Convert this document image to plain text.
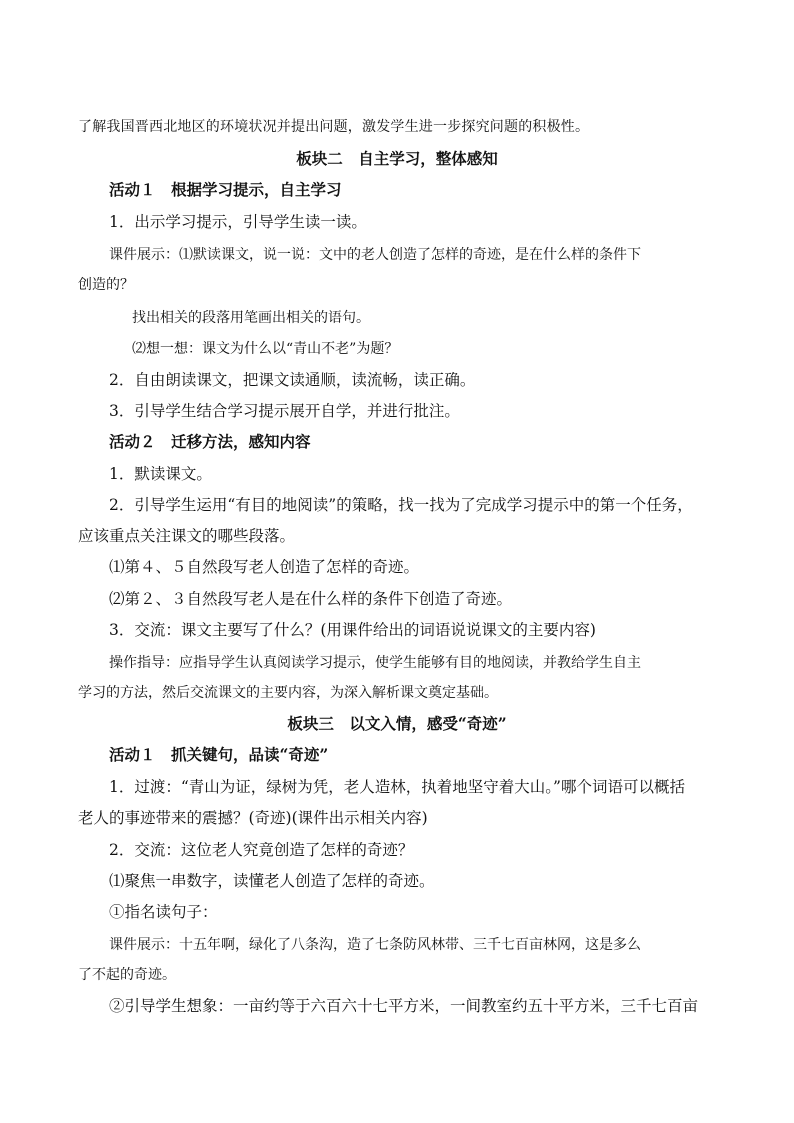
了解我国晋西北地区的环境状况并提出问题，激发学生进一步探究问题的积极性。
板块二　自主学习，整体感知
活动１　根据学习提示，自主学习
1．出示学习提示，引导学生读一读。
课件展示：⑴默读课文，说一说：文中的老人创造了怎样的奇迹，是在什么样的条件下
创造的？
找出相关的段落用笔画出相关的语句。
⑵想一想：课文为什么以“青山不老”为题？
2．自由朗读课文，把课文读通顺，读流畅，读正确。
3．引导学生结合学习提示展开自学，并进行批注。
活动２　迁移方法，感知内容
1．默读课文。
2．引导学生运用“有目的地阅读”的策略，找一找为了完成学习提示中的第一个任务，
应该重点关注课文的哪些段落。
⑴第４、５自然段写老人创造了怎样的奇迹。
⑵第２、３自然段写老人是在什么样的条件下创造了奇迹。
3．交流：课文主要写了什么？(用课件给出的词语说说课文的主要内容)
操作指导：应指导学生认真阅读学习提示，使学生能够有目的地阅读，并教给学生自主
学习的方法，然后交流课文的主要内容，为深入解析课文奠定基础。
板块三　以文入情，感受“奇迹”
活动１　抓关键句，品读“奇迹”
1．过渡：“青山为证，绿树为凭，老人造林，执着地坚守着大山。”哪个词语可以概括
老人的事迹带来的震撼？(奇迹)(课件出示相关内容)
2．交流：这位老人究竟创造了怎样的奇迹？
⑴聚焦一串数字，读懂老人创造了怎样的奇迹。
①指名读句子：
课件展示：十五年啊，绿化了八条沟，造了七条防风林带、三千七百亩林网，这是多么
了不起的奇迹。
②引导学生想象：一亩约等于六百六十七平方米，一间教室约五十平方米，三千七百亩
